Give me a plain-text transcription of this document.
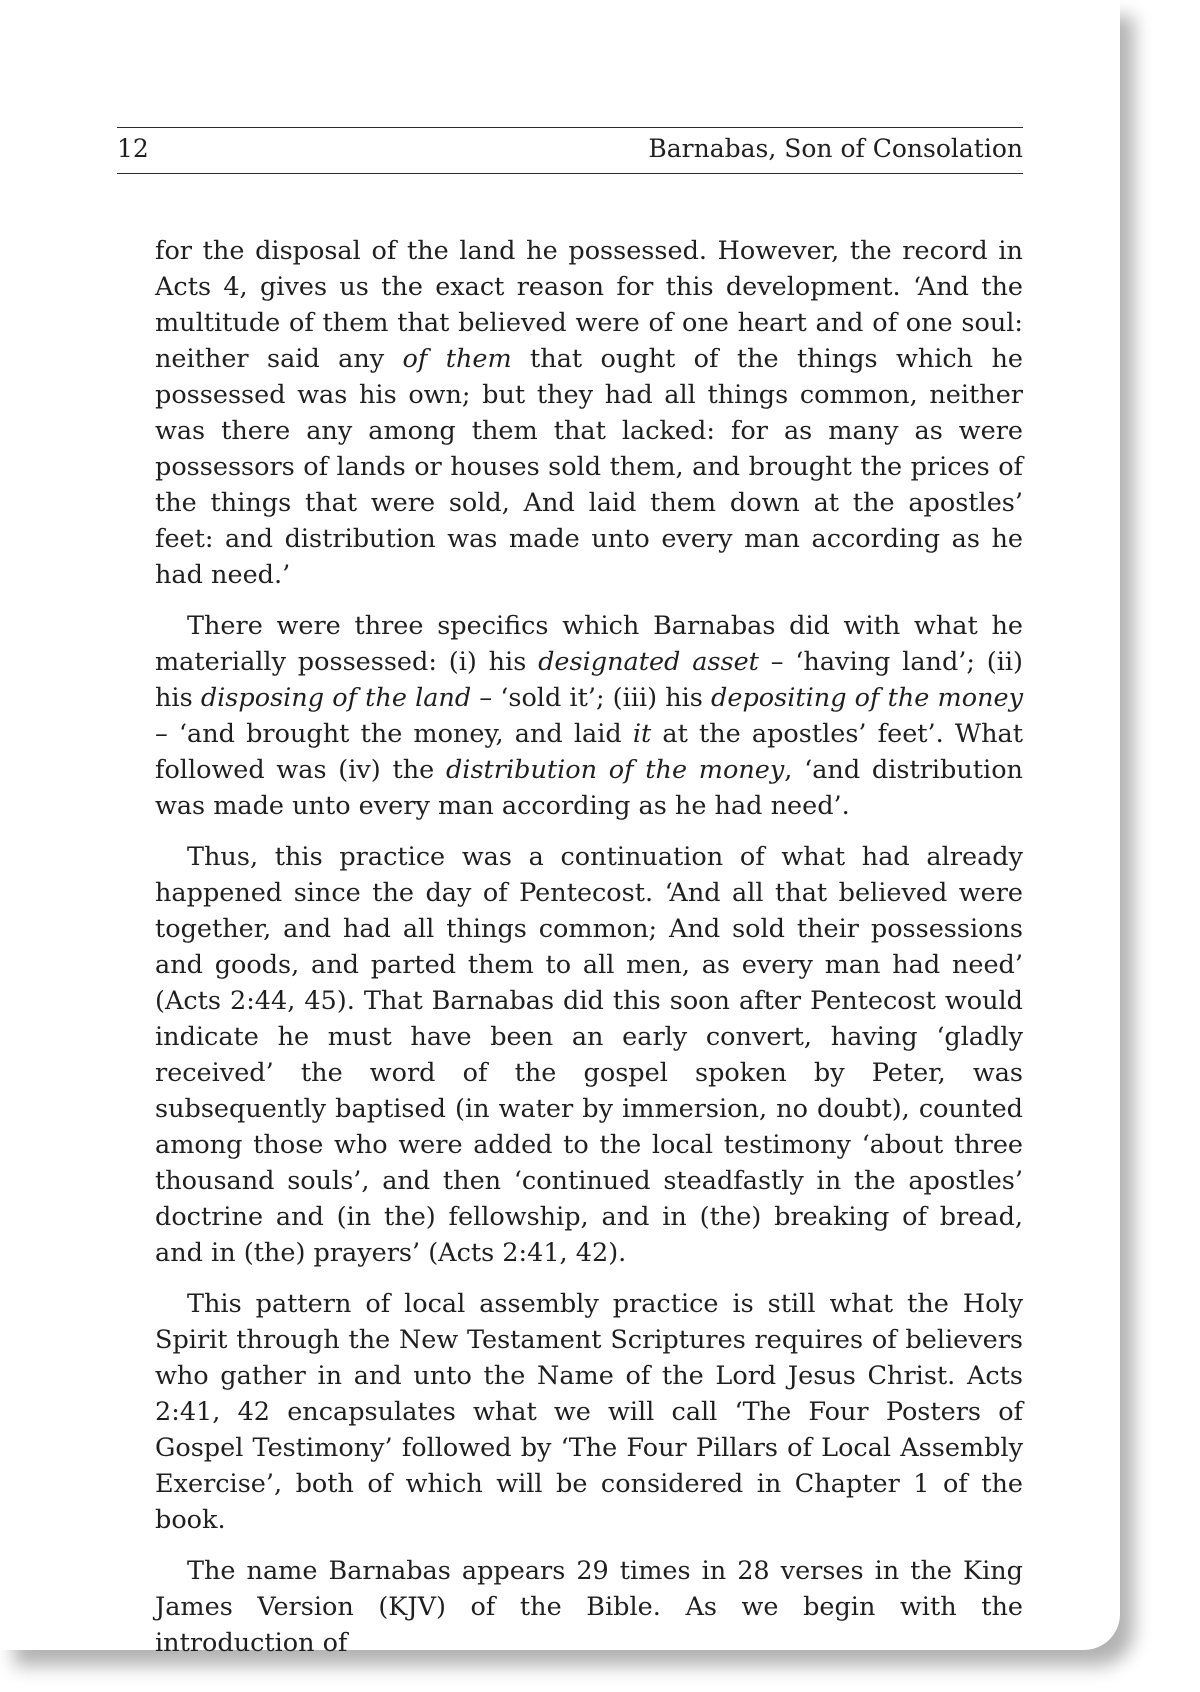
12	Barnabas, Son of Consolation

for the disposal of the land he possessed. However, the record in Acts 4, gives us the exact reason for this development. ‘And the multitude of them that believed were of one heart and of one soul: neither said any of them that ought of the things which he possessed was his own; but they had all things common, neither was there any among them that lacked: for as many as were possessors of lands or houses sold them, and brought the prices of the things that were sold, And laid them down at the apostles’ feet: and distribution was made unto every man according as he had need.’

There were three specifics which Barnabas did with what he materially possessed: (i) his designated asset – ‘having land’; (ii) his disposing of the land – ‘sold it’; (iii) his depositing of the money – ‘and brought the money, and laid it at the apostles’ feet’. What followed was (iv) the distribution of the money, ‘and distribution was made unto every man according as he had need’.

Thus, this practice was a continuation of what had already happened since the day of Pentecost. ‘And all that believed were together, and had all things common; And sold their possessions and goods, and parted them to all men, as every man had need’ (Acts 2:44, 45). That Barnabas did this soon after Pentecost would indicate he must have been an early convert, having ‘gladly received’ the word of the gospel spoken by Peter, was subsequently baptised (in water by immersion, no doubt), counted among those who were added to the local testimony ‘about three thousand souls’, and then ‘continued steadfastly in the apostles’ doctrine and (in the) fellowship, and in (the) breaking of bread, and in (the) prayers’ (Acts 2:41, 42).

This pattern of local assembly practice is still what the Holy Spirit through the New Testament Scriptures requires of believers who gather in and unto the Name of the Lord Jesus Christ. Acts 2:41, 42 encapsulates what we will call ‘The Four Posters of Gospel Testimony’ followed by ‘The Four Pillars of Local Assembly Exercise’, both of which will be considered in Chapter 1 of the book.

The name Barnabas appears 29 times in 28 verses in the King James Version (KJV) of the Bible. As we begin with the introduction of
